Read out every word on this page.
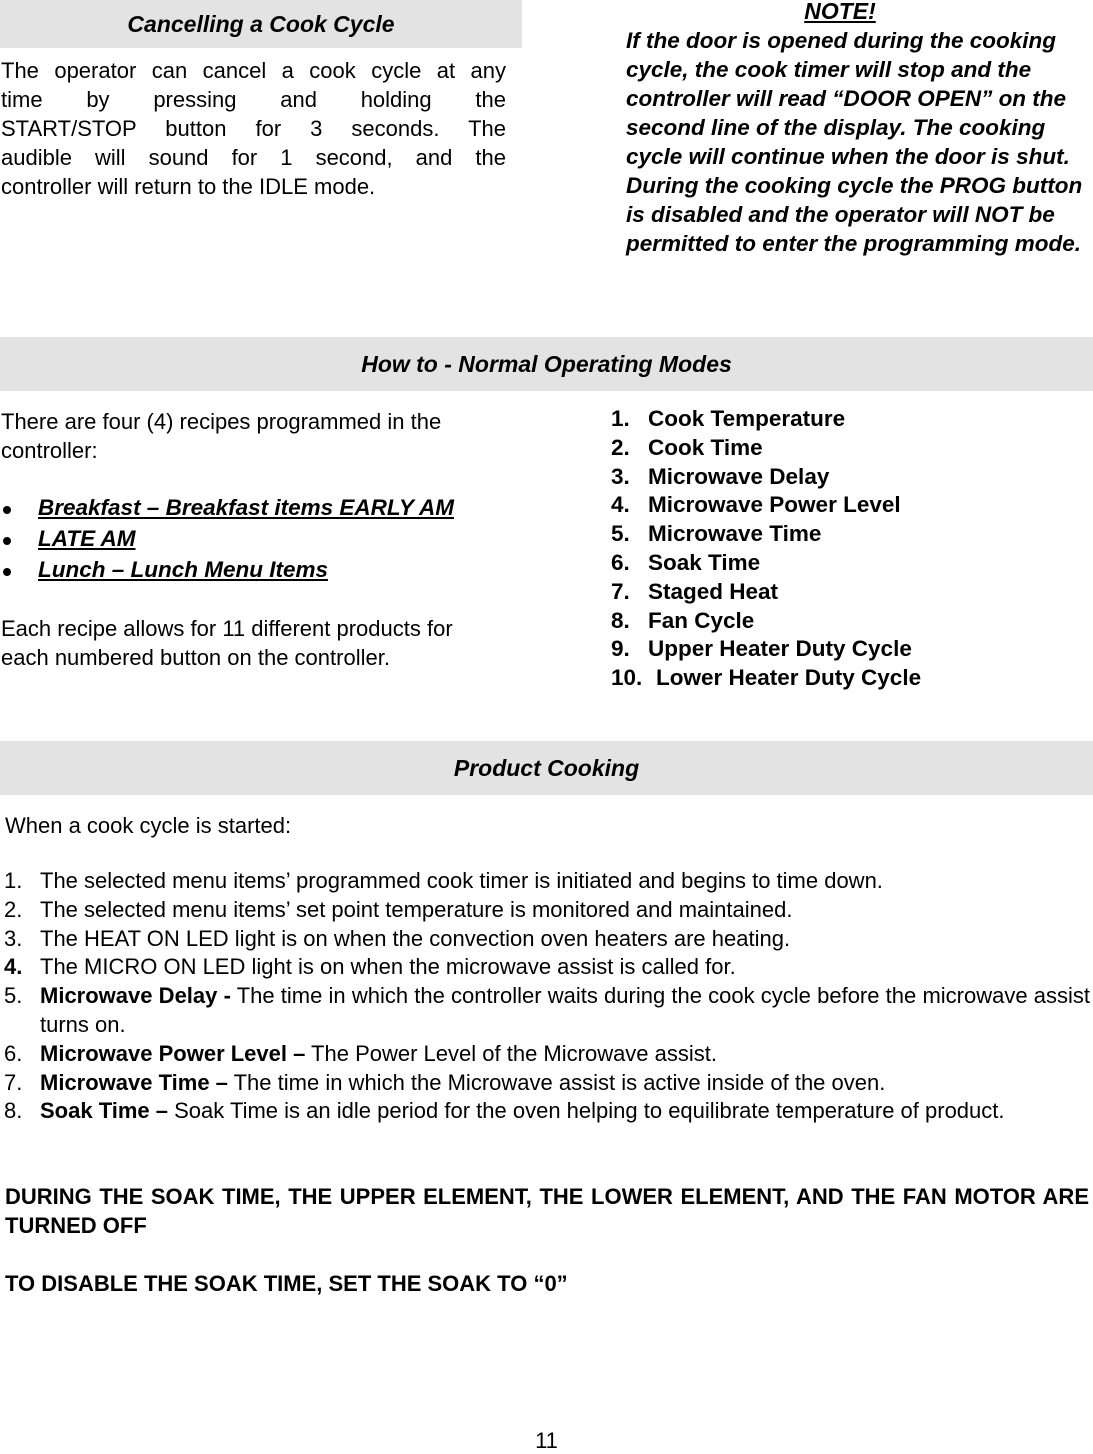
Cancelling a Cook Cycle
The operator can cancel a cook cycle at any
time by pressing and holding the
START/STOP button for 3 seconds. The
audible will sound for 1 second, and the
controller will return to the IDLE mode.
NOTE!

If the door is opened during the cooking cycle, the cook timer will stop and the controller will read “DOOR OPEN” on the second line of the display. The cooking cycle will continue when the door is shut.

During the cooking cycle the PROG button is disabled and the operator will NOT be permitted to enter the programming mode.

How to - Normal Operating Modes
There are four (4) recipes programmed in the controller:
Breakfast – Breakfast items EARLY AM
LATE AM
Lunch – Lunch Menu Items
Each recipe allows for 11 different products for each numbered button on the controller.
1. Cook Temperature
2. Cook Time
3. Microwave Delay
4. Microwave Power Level
5. Microwave Time
6. Soak Time
7. Staged Heat
8. Fan Cycle
9. Upper Heater Duty Cycle
10. Lower Heater Duty Cycle
Product Cooking
When a cook cycle is started:
1. The selected menu items’ programmed cook timer is initiated and begins to time down.
2. The selected menu items’ set point temperature is monitored and maintained.
3. The HEAT ON LED light is on when the convection oven heaters are heating.
4. The MICRO ON LED light is on when the microwave assist is called for.
5. Microwave Delay - The time in which the controller waits during the cook cycle before the microwave assist turns on.
6. Microwave Power Level – The Power Level of the Microwave assist.
7. Microwave Time – The time in which the Microwave assist is active inside of the oven.
8. Soak Time – Soak Time is an idle period for the oven helping to equilibrate temperature of product.
DURING THE SOAK TIME, THE UPPER ELEMENT, THE LOWER ELEMENT, AND THE FAN MOTOR ARE TURNED OFF
TO DISABLE THE SOAK TIME, SET THE SOAK TO “0”
11
